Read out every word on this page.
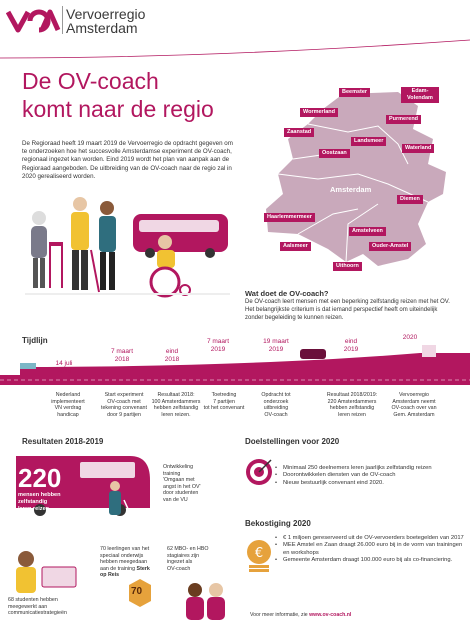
Vervoerregio
Amsterdam
De OV-coach
komt naar de regio
De Regioraad heeft 19 maart 2019 de Vervoerregio de opdracht gegeven om te onderzoeken hoe het succesvolle Amsterdamse experiment de OV-coach, regionaal ingezet kan worden. Eind 2019 wordt het plan van aanpak aan de Regioraad aangeboden. De uitbreiding van de OV-coach naar de regio zal in 2020 gerealiseerd worden.
Beemster	Edam-
Volendam
Wormerland
Purmerend
Zaanstad
Landsmeer
Oostzaan
Waterland
Amsterdam
Diemen
Haarlemmermeer
Amstelveen
Aalsmeer	Ouder-Amstel
Uithoorn
Wat doet de OV-coach?
De OV-coach leert mensen met een beperking zelfstandig reizen met het OV. Het belangrijkste criterium is dat iemand perspectief heeft om uiteindelijk zonder begeleiding te kunnen reizen.
Tijdlijn
14 juli
2016
7 maart
2018
eind
2018
7 maart
2019
19 maart
2019
eind
2019
2020
Nederland
implementeert
VN verdrag
handicap
Start experiment
OV-coach met
tekening convenant
door 9 partijen
Resultaat 2018:
100 Amsterdammers
hebben zelfstandig
leren reizen.
Toetreding
7 partijen
tot het convenant
Opdracht tot
onderzoek
uitbreiding
OV-coach
Resultaat 2018/2019:
220 Amsterdammers
hebben zelfstandig
leren reizen
Vervoerregio
Amsterdam neemt
OV-coach over van
Gem. Amsterdam
Resultaten 2018-2019
220
mensen hebben
zelfstandig
leren reizen
Ontwikkeling
training
'Omgaan met
angst in het OV'
door studenten
van de VU
70 leerlingen van het
speciaal onderwijs
hebben meegedaan
aan de training Sterk
op Reis
70
62 MBO- en HBO
stagiaires zijn
ingezet als
OV-coach
68 studenten hebben
meegewerkt aan
communicatiestrategieën
Doelstellingen voor 2020
• Minimaal 250 deelnemers leren jaarlijks zelfstandig reizen
• Doorontwikkelen diensten van de OV-coach
• Nieuw bestuurlijk convenant eind 2020.
Bekostiging 2020
€
• € 1 miljoen gereserveerd uit de OV-vervoerders boetegelden van 2017
• MEE Amstel en Zaan draagt 26.000 euro bij in de vorm van trainingen en workshops
• Gemeente Amsterdam draagt 100.000 euro bij als co-financiering.
Voor meer informatie, zie www.ov-coach.nl
